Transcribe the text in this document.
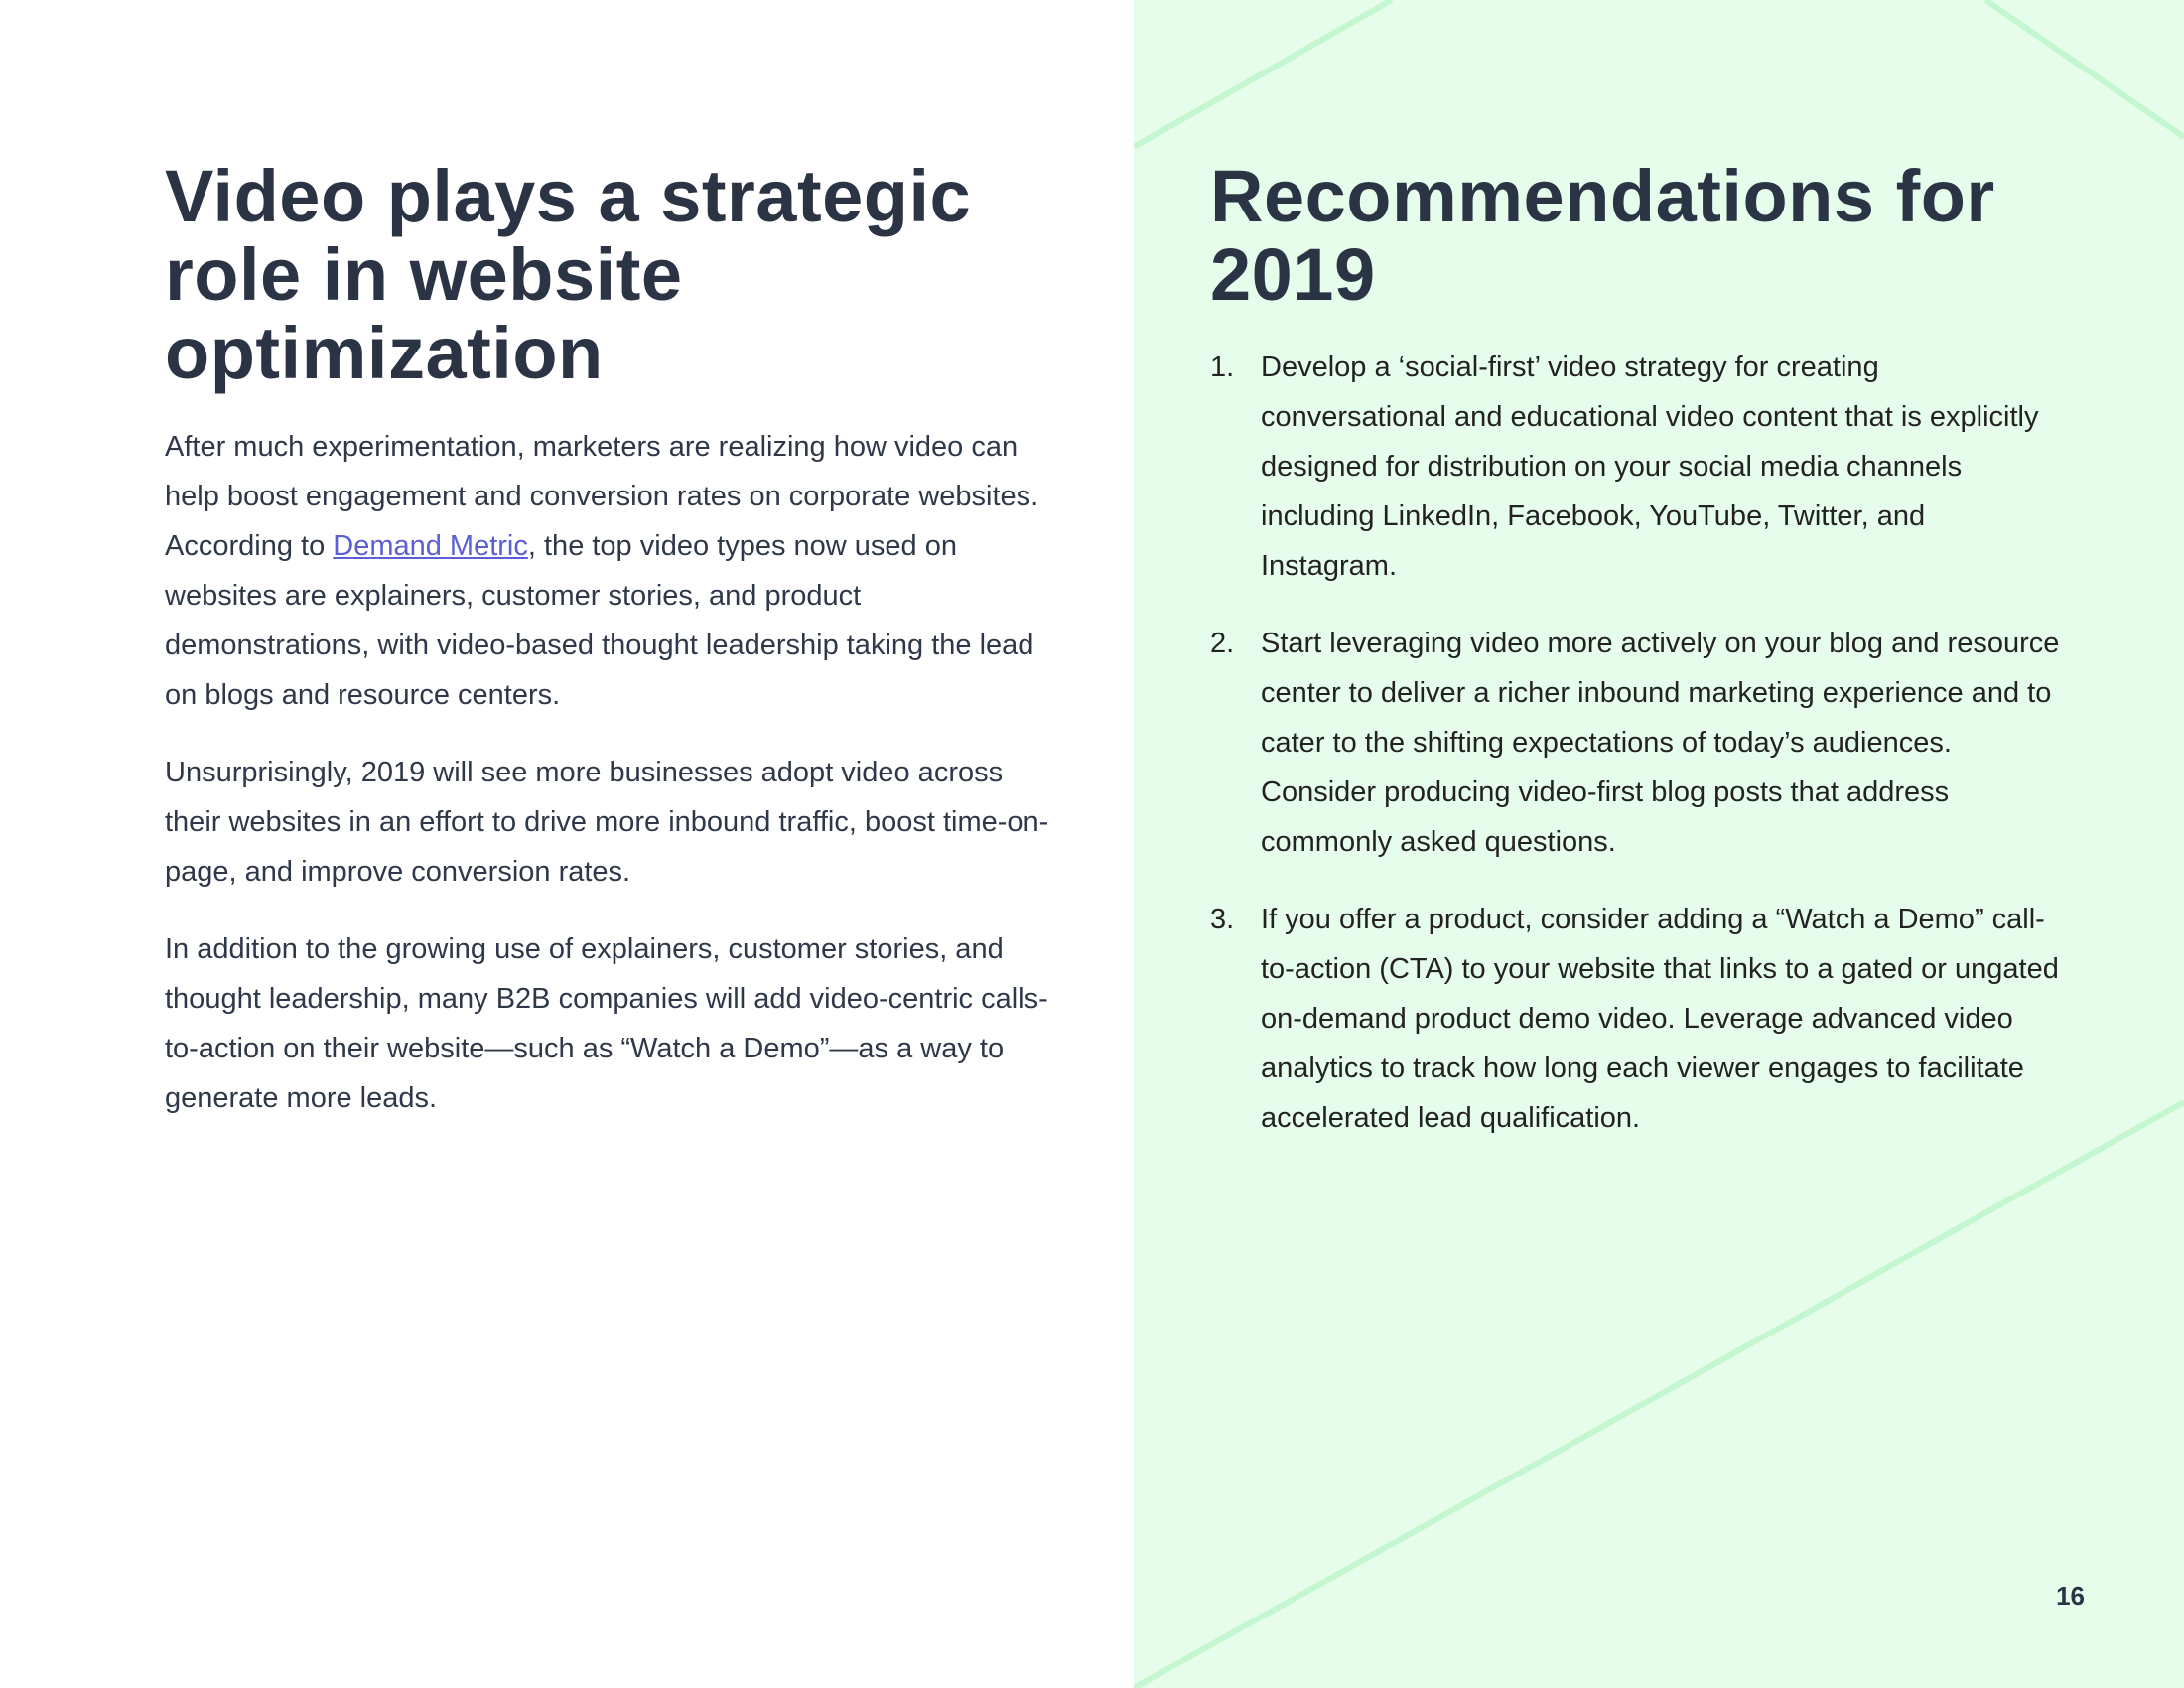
Video plays a strategic role in website optimization

After much experimentation, marketers are realizing how video can help boost engagement and conversion rates on corporate websites. According to Demand Metric, the top video types now used on websites are explainers, customer stories, and product demonstrations, with video-based thought leadership taking the lead on blogs and resource centers.

Unsurprisingly, 2019 will see more businesses adopt video across their websites in an effort to drive more inbound traffic, boost time-on-page, and improve conversion rates.

In addition to the growing use of explainers, customer stories, and thought leadership, many B2B companies will add video-centric calls-to-action on their website—such as “Watch a Demo”—as a way to generate more leads.

Recommendations for 2019
1. Develop a ‘social-first’ video strategy for creating conversational and educational video content that is explicitly designed for distribution on your social media channels including LinkedIn, Facebook, YouTube, Twitter, and Instagram.
2. Start leveraging video more actively on your blog and resource center to deliver a richer inbound marketing experience and to cater to the shifting expectations of today’s audiences. Consider producing video-first blog posts that address commonly asked questions.
3. If you offer a product, consider adding a “Watch a Demo” call-to-action (CTA) to your website that links to a gated or ungated on-demand product demo video. Leverage advanced video analytics to track how long each viewer engages to facilitate accelerated lead qualification.
16
